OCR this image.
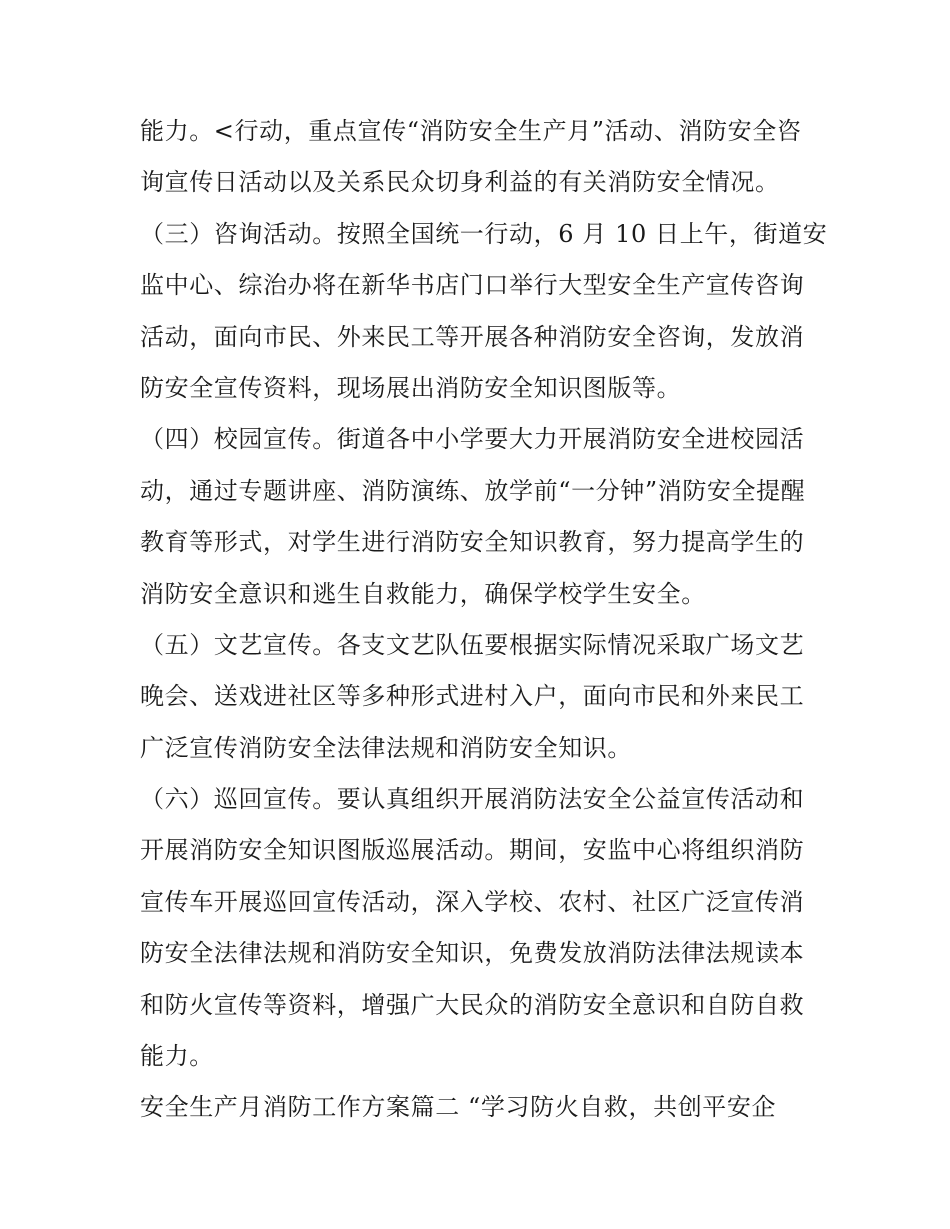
能力。<行动，重点宣传“消防安全生产月”活动、消防安全咨
询宣传日活动以及关系民众切身利益的有关消防安全情况。
（三）咨询活动。按照全国统一行动，6 月 10 日上午，街道安
监中心、综治办将在新华书店门口举行大型安全生产宣传咨询
活动，面向市民、外来民工等开展各种消防安全咨询，发放消
防安全宣传资料，现场展出消防安全知识图版等。
（四）校园宣传。街道各中小学要大力开展消防安全进校园活
动，通过专题讲座、消防演练、放学前“一分钟”消防安全提醒
教育等形式，对学生进行消防安全知识教育，努力提高学生的
消防安全意识和逃生自救能力，确保学校学生安全。
（五）文艺宣传。各支文艺队伍要根据实际情况采取广场文艺
晚会、送戏进社区等多种形式进村入户，面向市民和外来民工
广泛宣传消防安全法律法规和消防安全知识。
（六）巡回宣传。要认真组织开展消防法安全公益宣传活动和
开展消防安全知识图版巡展活动。期间，安监中心将组织消防
宣传车开展巡回宣传活动，深入学校、农村、社区广泛宣传消
防安全法律法规和消防安全知识，免费发放消防法律法规读本
和防火宣传等资料，增强广大民众的消防安全意识和自防自救
能力。
安全生产月消防工作方案篇二 “学习防火自救，共创平安企
